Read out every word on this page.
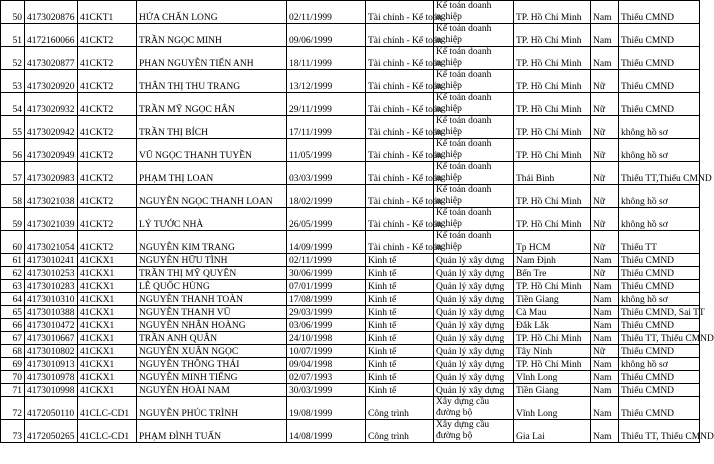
50	4173020876	41CKT1	HỨA CHẤN LONG	02/11/1999	Tài chính - Kế toán	Kế toán doanh nghiệp	TP. Hồ Chí Minh	Nam	Thiếu CMND
51	4172160066	41CKT2	TRẦN NGỌC MINH	09/06/1999	Tài chính - Kế toán	Kế toán doanh nghiệp	TP. Hồ Chí Minh	Nam	Thiếu CMND
52	4173020877	41CKT2	PHAN NGUYỄN TIẾN ANH	18/11/1999	Tài chính - Kế toán	Kế toán doanh nghiệp	TP. Hồ Chí Minh	Nam	Thiếu CMND
53	4173020920	41CKT2	THÂN THỊ THU TRANG	13/12/1999	Tài chính - Kế toán	Kế toán doanh nghiệp	TP. Hồ Chí Minh	Nữ	Thiếu CMND
54	4173020932	41CKT2	TRẦN MỸ NGỌC HÂN	29/11/1999	Tài chính - Kế toán	Kế toán doanh nghiệp	TP. Hồ Chí Minh	Nữ	Thiếu CMND
55	4173020942	41CKT2	TRẦN THỊ BÍCH	17/11/1999	Tài chính - Kế toán	Kế toán doanh nghiệp	TP. Hồ Chí Minh	Nữ	không hồ sơ
56	4173020949	41CKT2	VŨ NGỌC THANH TUYỀN	11/05/1999	Tài chính - Kế toán	Kế toán doanh nghiệp	TP. Hồ Chí Minh	Nữ	không hồ sơ
57	4173020983	41CKT2	PHẠM THỊ LOAN	03/03/1999	Tài chính - Kế toán	Kế toán doanh nghiệp	Thái Bình	Nữ	Thiếu TT,Thiếu CMND
58	4173021038	41CKT2	NGUYỄN NGỌC THANH LOAN	18/02/1999	Tài chính - Kế toán	Kế toán doanh nghiệp	TP. Hồ Chí Minh	Nữ	không hồ sơ
59	4173021039	41CKT2	LÝ TƯỚC NHÀ	26/05/1999	Tài chính - Kế toán	Kế toán doanh nghiệp	TP. Hồ Chí Minh	Nữ	không hồ sơ
60	4173021054	41CKT2	NGUYỄN KIM TRANG	14/09/1999	Tài chính - Kế toán	Kế toán doanh nghiệp	Tp HCM	Nữ	Thiếu TT
61	4173010241	41CKX1	NGUYỄN HỮU TÌNH	02/11/1999	Kinh tế	Quản lý xây dựng	Nam Định	Nam	Thiếu CMND
62	4173010253	41CKX1	TRẦN THỊ MỸ QUYÊN	30/06/1999	Kinh tế	Quản lý xây dựng	Bến Tre	Nữ	Thiếu CMND
63	4173010283	41CKX1	LÊ QUỐC HÙNG	07/01/1999	Kinh tế	Quản lý xây dựng	TP. Hồ Chí Minh	Nam	Thiếu CMND
64	4173010310	41CKX1	NGUYỄN THANH TOÀN	17/08/1999	Kinh tế	Quản lý xây dựng	Tiền Giang	Nam	không hồ sơ
65	4173010388	41CKX1	NGUYỄN THANH VŨ	29/03/1999	Kinh tế	Quản lý xây dựng	Cà Mau	Nam	Thiếu CMND, Sai TT
66	4173010472	41CKX1	NGUYỄN NHÂN HOÀNG	03/06/1999	Kinh tế	Quản lý xây dựng	Đắk Lắk	Nam	Thiếu CMND
67	4173010667	41CKX1	TRẦN ANH QUÂN	24/10/1998	Kinh tế	Quản lý xây dựng	TP. Hồ Chí Minh	Nam	Thiếu TT, Thiếu CMND
68	4173010802	41CKX1	NGUYỄN XUÂN NGỌC	10/07/1999	Kinh tế	Quản lý xây dựng	Tây Ninh	Nữ	Thiếu CMND
69	4173010913	41CKX1	NGUYỄN THÔNG THÁI	09/04/1998	Kinh tế	Quản lý xây dựng	TP. Hồ Chí Minh	Nam	không hồ sơ
70	4173010978	41CKX1	NGUYỄN MINH TIẾNG	02/07/1993	Kinh tế	Quản lý xây dựng	Vĩnh Long	Nam	Thiếu CMND
71	4173010998	41CKX1	NGUYỄN HOÀI NAM	30/03/1999	Kinh tế	Quản lý xây dựng	Tiền Giang	Nam	Thiếu CMND
72	4172050110	41CLC-CD1	NGUYỄN PHÚC TRÌNH	19/08/1999	Công trình	Xây dựng cầu đường bộ	Vĩnh Long	Nam	Thiếu CMND
73	4172050265	41CLC-CD1	PHẠM ĐÌNH TUẤN	14/08/1999	Công trình	Xây dựng cầu đường bộ	Gia Lai	Nam	Thiếu TT, Thiếu CMND
